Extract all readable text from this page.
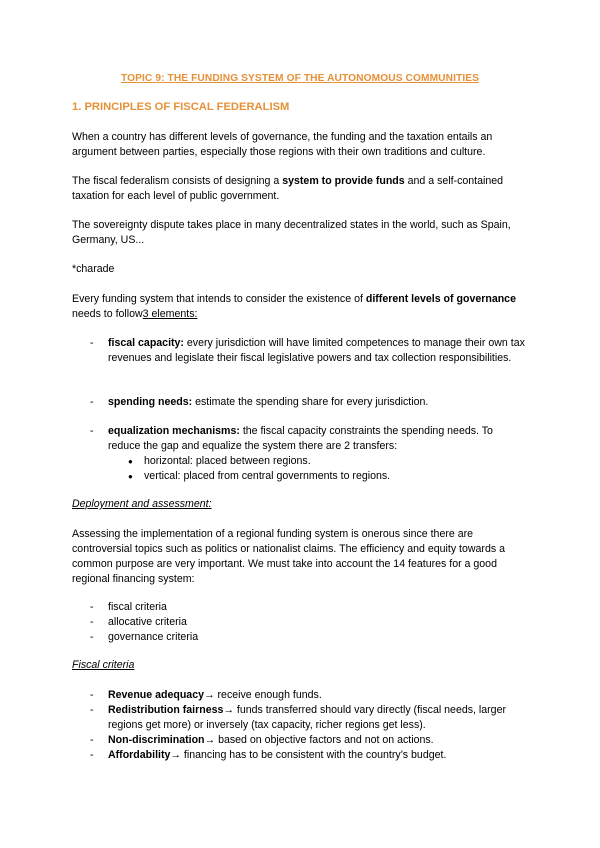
TOPIC 9: THE FUNDING SYSTEM OF THE AUTONOMOUS COMMUNITIES
1. PRINCIPLES OF FISCAL FEDERALISM

When a country has different levels of governance, the funding and the taxation entails an argument between parties, especially those regions with their own traditions and culture.

The fiscal federalism consists of designing a system to provide funds and a self-contained taxation for each level of public government.

The sovereignty dispute takes place in many decentralized states in the world, such as Spain, Germany, US...

*charade

Every funding system that intends to consider the existence of different levels of governance needs to follow3 elements:

- fiscal capacity: every jurisdiction will have limited competences to manage their own tax revenues and legislate their fiscal legislative powers and tax collection responsibilities.
- spending needs: estimate the spending share for every jurisdiction.
- equalization mechanisms: the fiscal capacity constraints the spending needs. To reduce the gap and equalize the system there are 2 transfers:
● horizontal: placed between regions.
● vertical: placed from central governments to regions.

Deployment and assessment:

Assessing the implementation of a regional funding system is onerous since there are controversial topics such as politics or nationalist claims. The efficiency and equity towards a common purpose are very important. We must take into account the 14 features for a good regional financing system:

- fiscal criteria
- allocative criteria
- governance criteria

Fiscal criteria

- Revenue adequacy→ receive enough funds.
- Redistribution fairness→ funds transferred should vary directly (fiscal needs, larger regions get more) or inversely (tax capacity, richer regions get less).
- Non-discrimination→ based on objective factors and not on actions.
- Affordability→ financing has to be consistent with the country’s budget.
